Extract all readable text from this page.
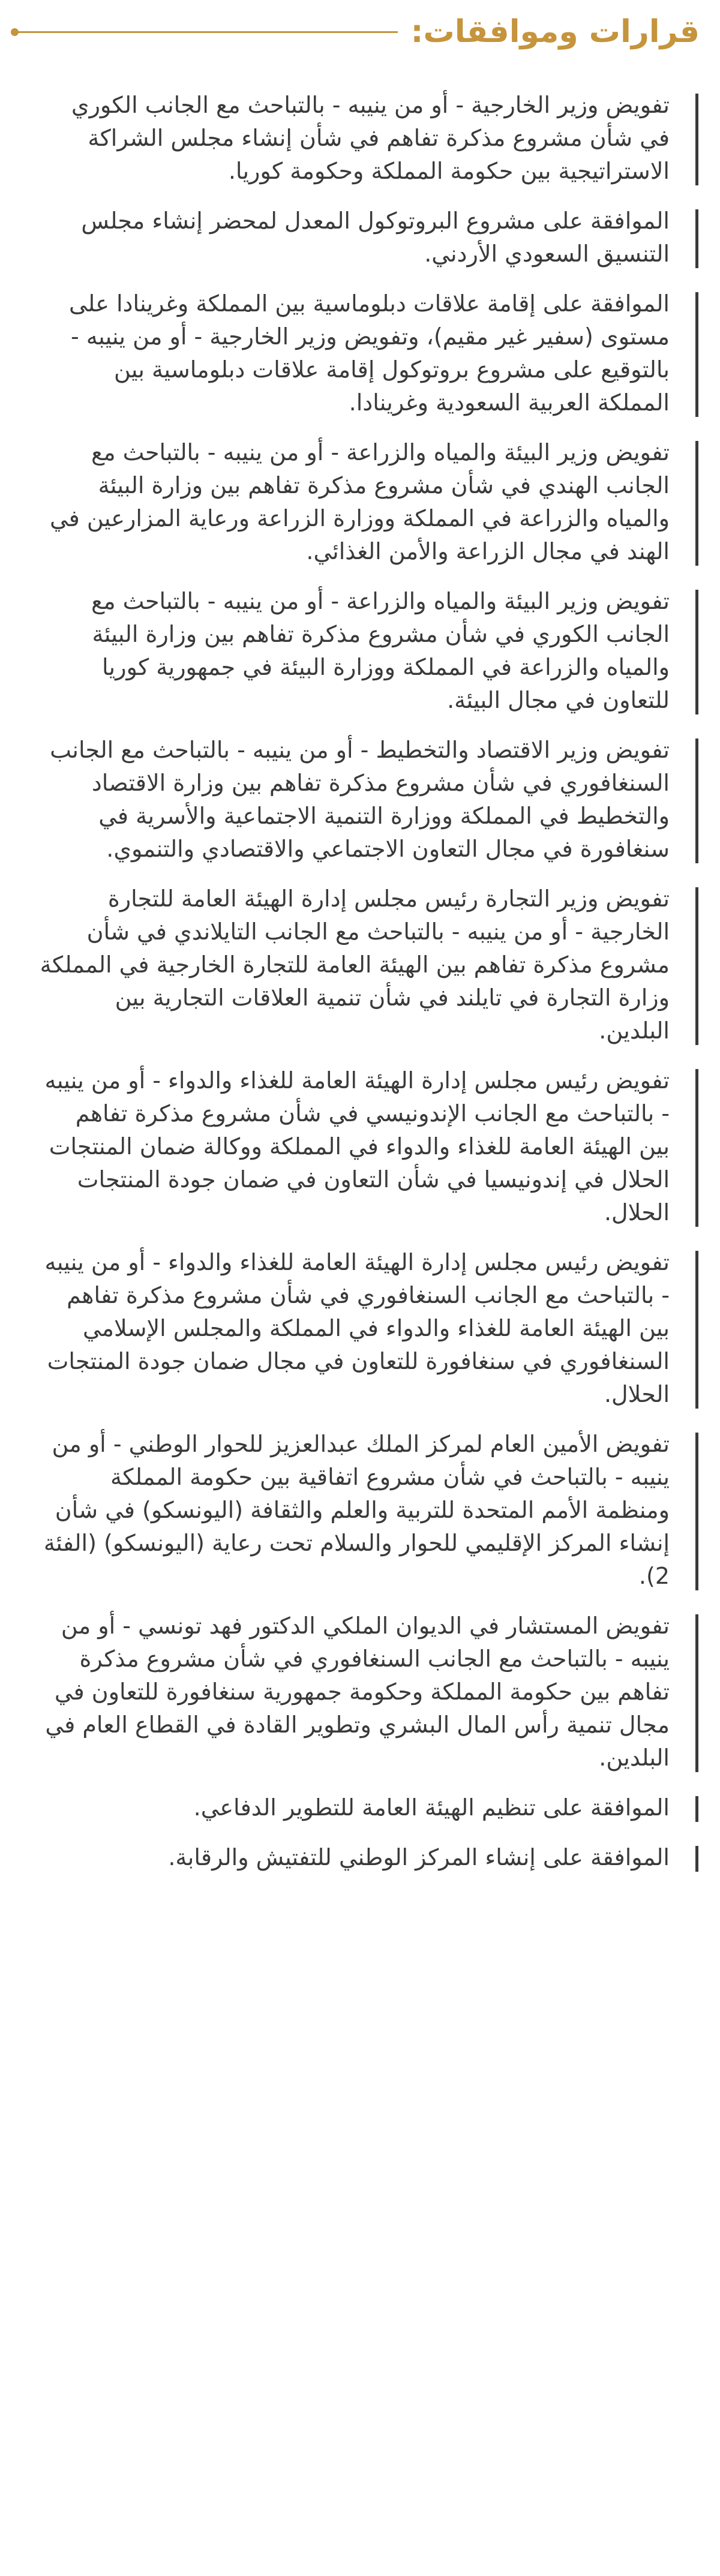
قرارات وموافقات:
تفويض وزير الخارجية - أو من ينيبه - بالتباحث مع الجانب الكوري في شأن مشروع مذكرة تفاهم في شأن إنشاء مجلس الشراكة الاستراتيجية بين حكومة المملكة وحكومة كوريا.
الموافقة على مشروع البروتوكول المعدل لمحضر إنشاء مجلس التنسيق السعودي الأردني.
الموافقة على إقامة علاقات دبلوماسية بين المملكة وغرينادا على مستوى (سفير غير مقيم)، وتفويض وزير الخارجية - أو من ينيبه - بالتوقيع على مشروع بروتوكول إقامة علاقات دبلوماسية بين المملكة العربية السعودية وغرينادا.
تفويض وزير البيئة والمياه والزراعة - أو من ينيبه - بالتباحث مع الجانب الهندي في شأن مشروع مذكرة تفاهم بين وزارة البيئة والمياه والزراعة في المملكة ووزارة الزراعة ورعاية المزارعين في الهند في مجال الزراعة والأمن الغذائي.
تفويض وزير البيئة والمياه والزراعة - أو من ينيبه - بالتباحث مع الجانب الكوري في شأن مشروع مذكرة تفاهم بين وزارة البيئة والمياه والزراعة في المملكة ووزارة البيئة في جمهورية كوريا للتعاون في مجال البيئة.
تفويض وزير الاقتصاد والتخطيط - أو من ينيبه - بالتباحث مع الجانب السنغافوري في شأن مشروع مذكرة تفاهم بين وزارة الاقتصاد والتخطيط في المملكة ووزارة التنمية الاجتماعية والأسرية في سنغافورة في مجال التعاون الاجتماعي والاقتصادي والتنموي.
تفويض وزير التجارة رئيس مجلس إدارة الهيئة العامة للتجارة الخارجية - أو من ينيبه - بالتباحث مع الجانب التايلاندي في شأن مشروع مذكرة تفاهم بين الهيئة العامة للتجارة الخارجية في المملكة وزارة التجارة في تايلند في شأن تنمية العلاقات التجارية بين البلدين.
تفويض رئيس مجلس إدارة الهيئة العامة للغذاء والدواء - أو من ينيبه - بالتباحث مع الجانب الإندونيسي في شأن مشروع مذكرة تفاهم بين الهيئة العامة للغذاء والدواء في المملكة ووكالة ضمان المنتجات الحلال في إندونيسيا في شأن التعاون في ضمان جودة المنتجات الحلال.
تفويض رئيس مجلس إدارة الهيئة العامة للغذاء والدواء - أو من ينيبه - بالتباحث مع الجانب السنغافوري في شأن مشروع مذكرة تفاهم بين الهيئة العامة للغذاء والدواء في المملكة والمجلس الإسلامي السنغافوري في سنغافورة للتعاون في مجال ضمان جودة المنتجات الحلال.
تفويض الأمين العام لمركز الملك عبدالعزيز للحوار الوطني - أو من ينيبه - بالتباحث في شأن مشروع اتفاقية بين حكومة المملكة ومنظمة الأمم المتحدة للتربية والعلم والثقافة (اليونسكو) في شأن إنشاء المركز الإقليمي للحوار والسلام تحت رعاية (اليونسكو) (الفئة 2).
تفويض المستشار في الديوان الملكي الدكتور فهد تونسي - أو من ينيبه - بالتباحث مع الجانب السنغافوري في شأن مشروع مذكرة تفاهم بين حكومة المملكة وحكومة جمهورية سنغافورة للتعاون في مجال تنمية رأس المال البشري وتطوير القادة في القطاع العام في البلدين.
الموافقة على تنظيم الهيئة العامة للتطوير الدفاعي.
الموافقة على إنشاء المركز الوطني للتفتيش والرقابة.
